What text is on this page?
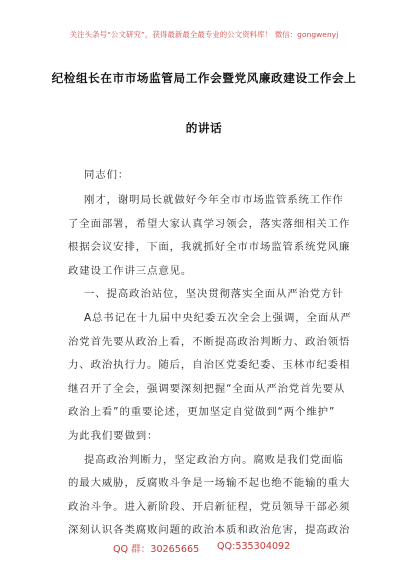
关注头条号“公文研究”，获得最新最全最专业的公文资料库！ 微信：gongwenyj
纪检组长在市市场监管局工作会暨党风廉政建设工作会上
的讲话
同志们：
刚才，谢明局长就做好今年全市市场监管系统工作作
了全面部署，希望大家认真学习领会，落实落细相关工作
根据会议安排，下面，我就抓好全市市场监管系统党风廉
政建设工作讲三点意见。
一、提高政治站位，坚决贯彻落实全面从严治党方针
A总书记在十九届中央纪委五次全会上强调，全面从严
治党首先要从政治上看，不断提高政治判断力、政治领悟
力、政治执行力。随后，自治区党委纪委、玉林市纪委相
继召开了全会，强调要深刻把握“全面从严治党首先要从
政治上看”的重要论述，更加坚定自觉做到“两个维护”
为此我们要做到：
提高政治判断力，坚定政治方向。腐败是我们党面临
的最大威胁，反腐败斗争是一场输不起也绝不能输的重大
QQ 群：30265665 QQ:535304092
政治斗争。进入新阶段、开启新征程，党员领导干部必须
深刻认识各类腐败问题的政治本质和政治危害，提高政治
